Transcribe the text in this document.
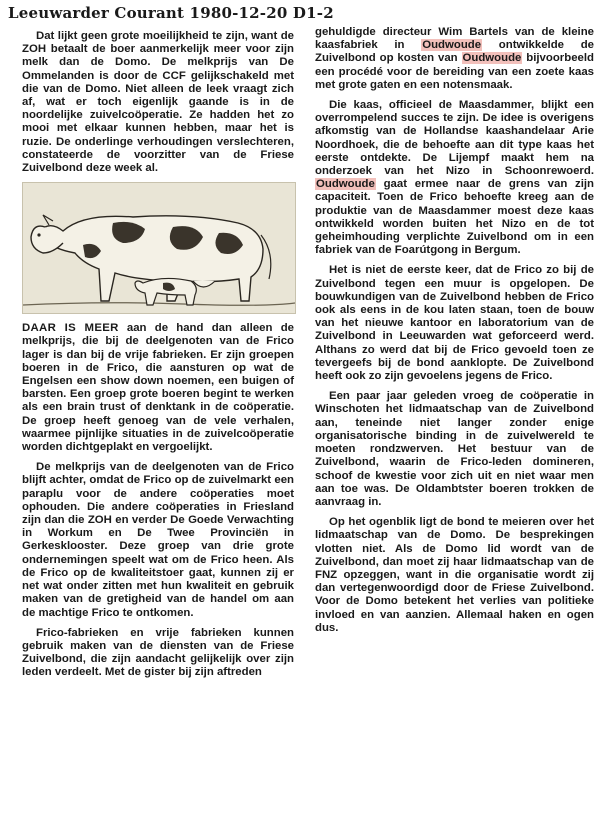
Leeuwarder Courant 1980-12-20 D1-2

Dat lijkt geen grote moeilijkheid te zijn, want de ZOH betaalt de boer aanmerkelijk meer voor zijn melk dan de Domo. De melkprijs van De Ommelanden is door de CCF gelijkschakeld met die van de Domo. Niet alleen de leek vraagt zich af, wat er toch eigenlijk gaande is in de noordelijke zuivelcoöperatie. Ze hadden het zo mooi met elkaar kunnen hebben, maar het is ruzie. De onderlinge verhoudingen verslechteren, constateerde de voorzitter van de Friese Zuivelbond deze week al.

DAAR IS MEER aan de hand dan alleen de melkprijs, die bij de deelgenoten van de Frico lager is dan bij de vrije fabrieken. Er zijn groepen boeren in de Frico, die aansturen op wat de Engelsen een show down noemen, een buigen of barsten. Een groep grote boeren begint te werken als een brain trust of denktank in de coöperatie. De groep heeft genoeg van de vele verhalen, waarmee pijnlijke situaties in de zuivelcoöperatie worden dichtgeplakt en vergoelijkt.

De melkprijs van de deelgenoten van de Frico blijft achter, omdat de Frico op de zuivelmarkt een paraplu voor de andere coöperaties moet ophouden. Die andere coöperaties in Friesland zijn dan die ZOH en verder De Goede Verwachting in Workum en De Twee Provinciën in Gerkesklooster. Deze groep van drie grote ondernemingen speelt wat om de Frico heen. Als de Frico op de kwaliteitstoer gaat, kunnen zij er net wat onder zitten met hun kwaliteit en gebruik maken van de gretigheid van de handel om aan de machtige Frico te ontkomen.

Frico-fabrieken en vrije fabrieken kunnen gebruik maken van de diensten van de Friese Zuivelbond, die zijn aandacht gelijkelijk over zijn leden verdeelt. Met de gister bij zijn aftreden

gehuldigde directeur Wim Bartels van de kleine kaasfabriek in Oudwoude ontwikkelde de Zuivelbond op kosten van Oudwoude bijvoorbeeld een procédé voor de bereiding van een zoete kaas met grote gaten en een notensmaak.

Die kaas, officieel de Maasdammer, blijkt een overrompelend succes te zijn. De idee is overigens afkomstig van de Hollandse kaashandelaar Arie Noordhoek, die de behoefte aan dit type kaas het eerste ontdekte. De Lijempf maakt hem na onderzoek van het Nizo in Schoonrewoerd. Oudwoude gaat ermee naar de grens van zijn capaciteit. Toen de Frico behoefte kreeg aan de produktie van de Maasdammer moest deze kaas ontwikkeld worden buiten het Nizo en de tot geheimhouding verplichte Zuivelbond om in een fabriek van de Foarútgong in Bergum.

Het is niet de eerste keer, dat de Frico zo bij de Zuivelbond tegen een muur is opgelopen. De bouwkundigen van de Zuivelbond hebben de Frico ook als eens in de kou laten staan, toen de bouw van het nieuwe kantoor en laboratorium van de Zuivelbond in Leeuwarden wat geforceerd werd. Althans zo werd dat bij de Frico gevoeld toen ze tevergeefs bij de bond aanklopte. De Zuivelbond heeft ook zo zijn gevoelens jegens de Frico.

Een paar jaar geleden vroeg de coöperatie in Winschoten het lidmaatschap van de Zuivelbond aan, teneinde niet langer zonder enige organisatorische binding in de zuivelwereld te moeten rondzwerven. Het bestuur van de Zuivelbond, waarin de Frico-leden domineren, schoof de kwestie voor zich uit en niet waar men aan toe was. De Oldambtster boeren trokken de aanvraag in.

Op het ogenblik ligt de bond te meieren over het lidmaatschap van de Domo. De besprekingen vlotten niet. Als de Domo lid wordt van de Zuivelbond, dan moet zij haar lidmaatschap van de FNZ opzeggen, want in die organisatie wordt zij dan vertegenwoordigd door de Friese Zuivelbond. Voor de Domo betekent het verlies van politieke invloed en van aanzien. Allemaal haken en ogen dus.
